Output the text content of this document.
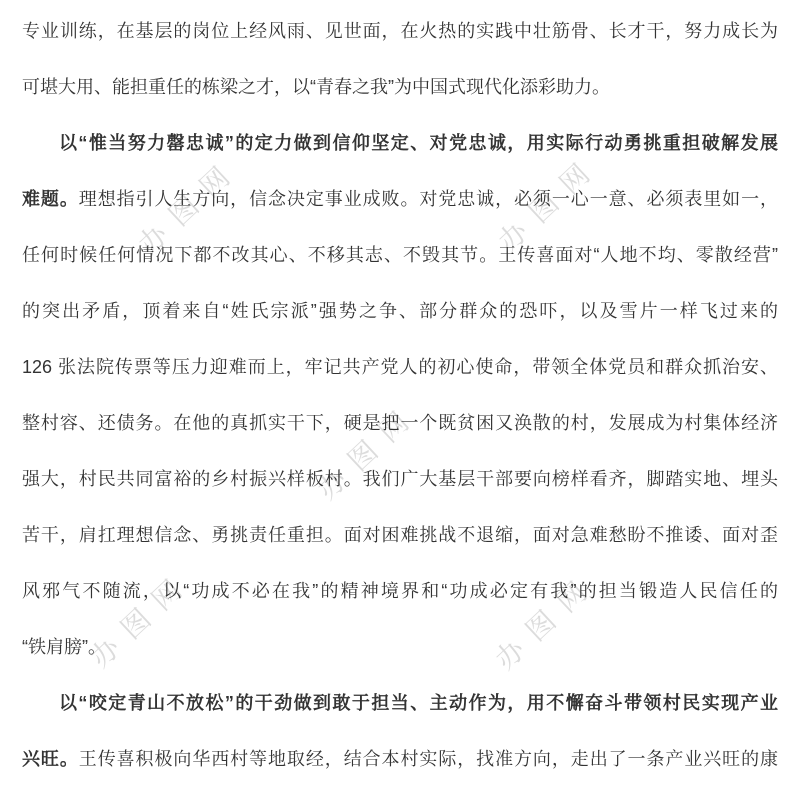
办图网	办图网
办图网
办图网	办图网
专业训练，在基层的岗位上经风雨、见世面，在火热的实践中壮筋骨、长才干，努力成长为
可堪大用、能担重任的栋梁之才，以“青春之我”为中国式现代化添彩助力。
以“惟当努力罄忠诚”的定力做到信仰坚定、对党忠诚，用实际行动勇挑重担破解发展
难题。理想指引人生方向，信念决定事业成败。对党忠诚，必须一心一意、必须表里如一，
任何时候任何情况下都不改其心、不移其志、不毁其节。王传喜面对“人地不均、零散经营”
的突出矛盾，顶着来自“姓氏宗派”强势之争、部分群众的恐吓，以及雪片一样飞过来的
126 张法院传票等压力迎难而上，牢记共产党人的初心使命，带领全体党员和群众抓治安、
整村容、还债务。在他的真抓实干下，硬是把一个既贫困又涣散的村，发展成为村集体经济
强大，村民共同富裕的乡村振兴样板村。我们广大基层干部要向榜样看齐，脚踏实地、埋头
苦干，肩扛理想信念、勇挑责任重担。面对困难挑战不退缩，面对急难愁盼不推诿、面对歪
风邪气不随流，以“功成不必在我”的精神境界和“功成必定有我”的担当锻造人民信任的
“铁肩膀”。
以“咬定青山不放松”的干劲做到敢于担当、主动作为，用不懈奋斗带领村民实现产业
兴旺。王传喜积极向华西村等地取经，结合本村实际，找准方向，走出了一条产业兴旺的康
